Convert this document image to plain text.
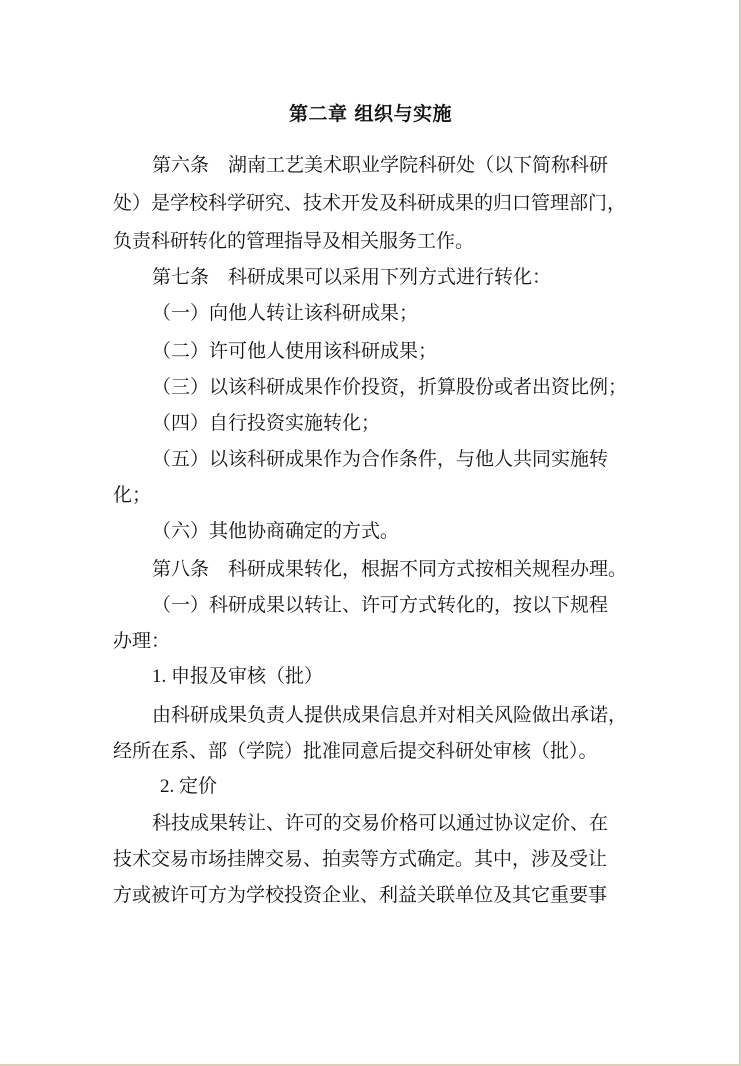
第二章 组织与实施
第六条　湖南工艺美术职业学院科研处（以下简称科研
处）是学校科学研究、技术开发及科研成果的归口管理部门，
负责科研转化的管理指导及相关服务工作。
第七条　科研成果可以采用下列方式进行转化：
（一）向他人转让该科研成果；
（二）许可他人使用该科研成果；
（三）以该科研成果作价投资，折算股份或者出资比例；
（四）自行投资实施转化；
（五）以该科研成果作为合作条件，与他人共同实施转
化；
（六）其他协商确定的方式。
第八条　科研成果转化，根据不同方式按相关规程办理。
（一）科研成果以转让、许可方式转化的，按以下规程
办理：
1. 申报及审核（批）
由科研成果负责人提供成果信息并对相关风险做出承诺，
经所在系、部（学院）批准同意后提交科研处审核（批）。
2. 定价
科技成果转让、许可的交易价格可以通过协议定价、在
技术交易市场挂牌交易、拍卖等方式确定。其中，涉及受让
方或被许可方为学校投资企业、利益关联单位及其它重要事
